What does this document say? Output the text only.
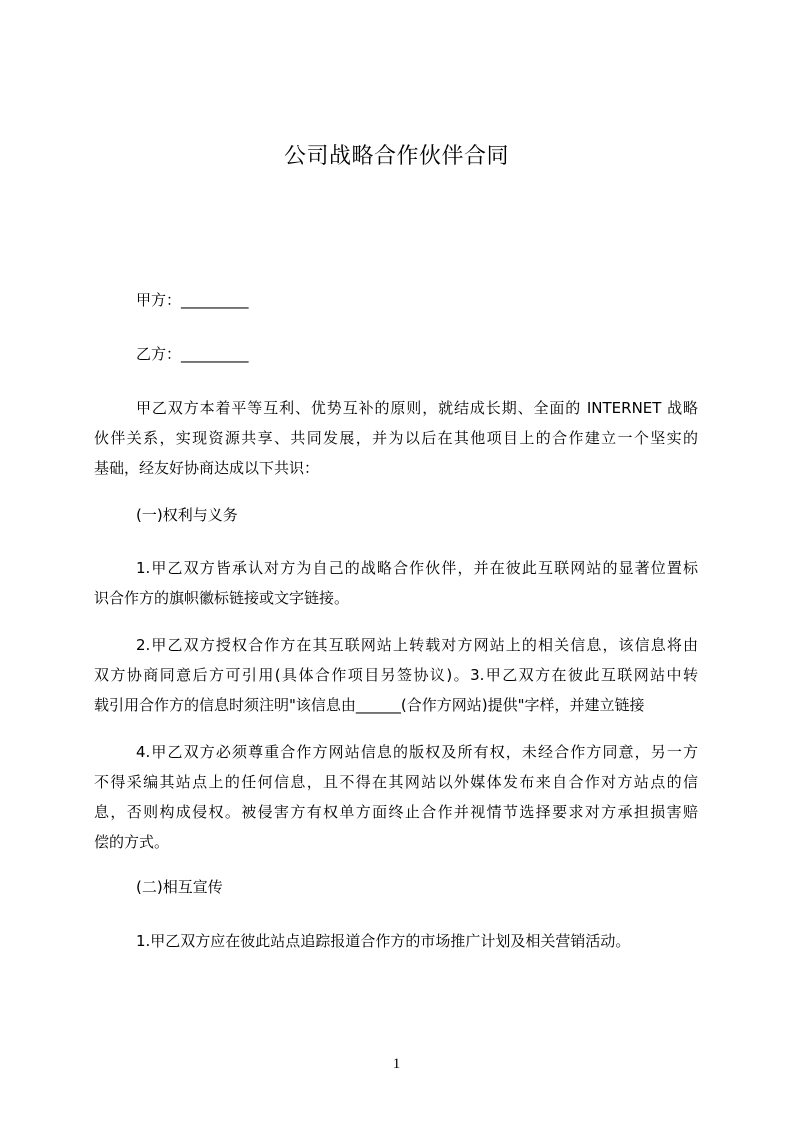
公司战略合作伙伴合同
甲方：_________
乙方：_________
甲乙双方本着平等互利、优势互补的原则，就结成长期、全面的 INTERNET 战略
伙伴关系，实现资源共享、共同发展，并为以后在其他项目上的合作建立一个坚实的
基础，经友好协商达成以下共识：
(一)权利与义务
1.甲乙双方皆承认对方为自己的战略合作伙伴，并在彼此互联网站的显著位置标
识合作方的旗帜徽标链接或文字链接。
2.甲乙双方授权合作方在其互联网站上转载对方网站上的相关信息，该信息将由
双方协商同意后方可引用(具体合作项目另签协议)。3.甲乙双方在彼此互联网站中转
载引用合作方的信息时须注明"该信息由______(合作方网站)提供"字样，并建立链接
4.甲乙双方必须尊重合作方网站信息的版权及所有权，未经合作方同意，另一方
不得采编其站点上的任何信息，且不得在其网站以外媒体发布来自合作对方站点的信
息，否则构成侵权。被侵害方有权单方面终止合作并视情节选择要求对方承担损害赔
偿的方式。
(二)相互宣传
1.甲乙双方应在彼此站点追踪报道合作方的市场推广计划及相关营销活动。
1
